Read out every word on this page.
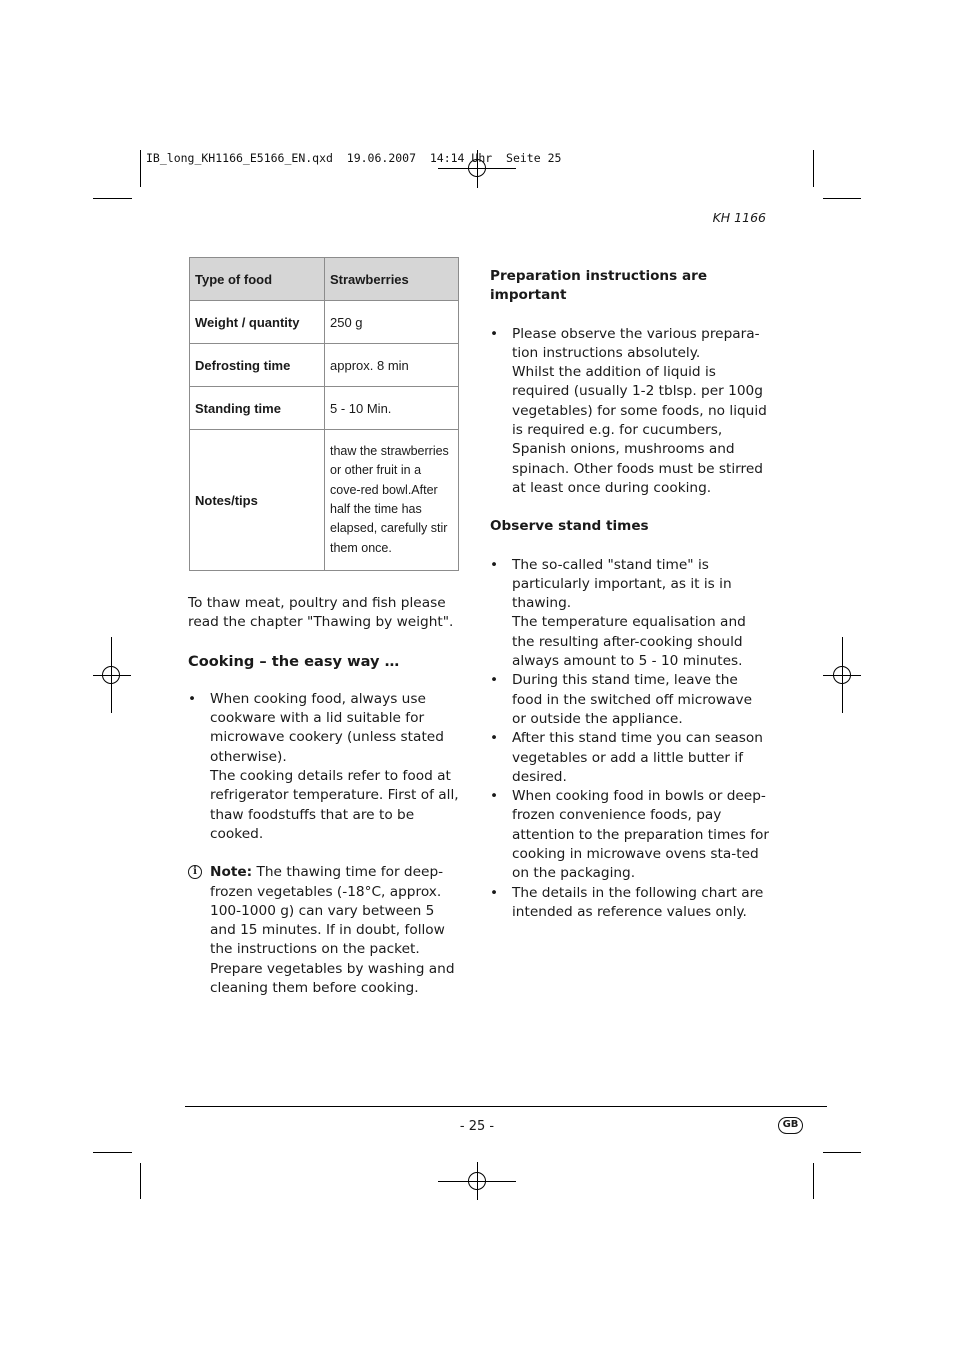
IB_long_KH1166_E5166_EN.qxd  19.06.2007  14:14 Uhr  Seite 25
KH 1166
Type of food	Strawberries
Weight / quantity	250 g
Defrosting time	approx. 8 min
Standing time	5 - 10 Min.
Notes/tips	thaw the strawberries or other fruit in a cove-red bowl.After half the time has elapsed, carefully stir them once.

To thaw meat, poultry and fish please read the chapter "Thawing by weight".

Cooking – the easy way …
• When cooking food, always use cookware with a lid suitable for microwave cookery (unless stated otherwise).
The cooking details refer to food at refrigerator temperature. First of all, thaw foodstuffs that are to be cooked.
i Note: The thawing time for deep-frozen vegetables (-18°C, approx. 100-1000 g) can vary between 5 and 15 minutes. If in doubt, follow the instructions on the packet.
Prepare vegetables by washing and cleaning them before cooking.
Preparation instructions are important
• Please observe the various prepara-tion instructions absolutely.
Whilst the addition of liquid is required (usually 1-2 tblsp. per 100g vegetables) for some foods, no liquid is required e.g. for cucumbers, Spanish onions, mushrooms and spinach. Other foods must be stirred at least once during cooking.
Observe stand times
• The so-called "stand time" is particularly important, as it is in thawing.
The temperature equalisation and the resulting after-cooking should always amount to 5 - 10 minutes.
• During this stand time, leave the food in the switched off microwave or outside the appliance.
• After this stand time you can season vegetables or add a little butter if desired.
• When cooking food in bowls or deep-frozen convenience foods, pay attention to the preparation times for cooking in microwave ovens sta-ted on the packaging.
• The details in the following chart are intended as reference values only.
- 25 -	GB
